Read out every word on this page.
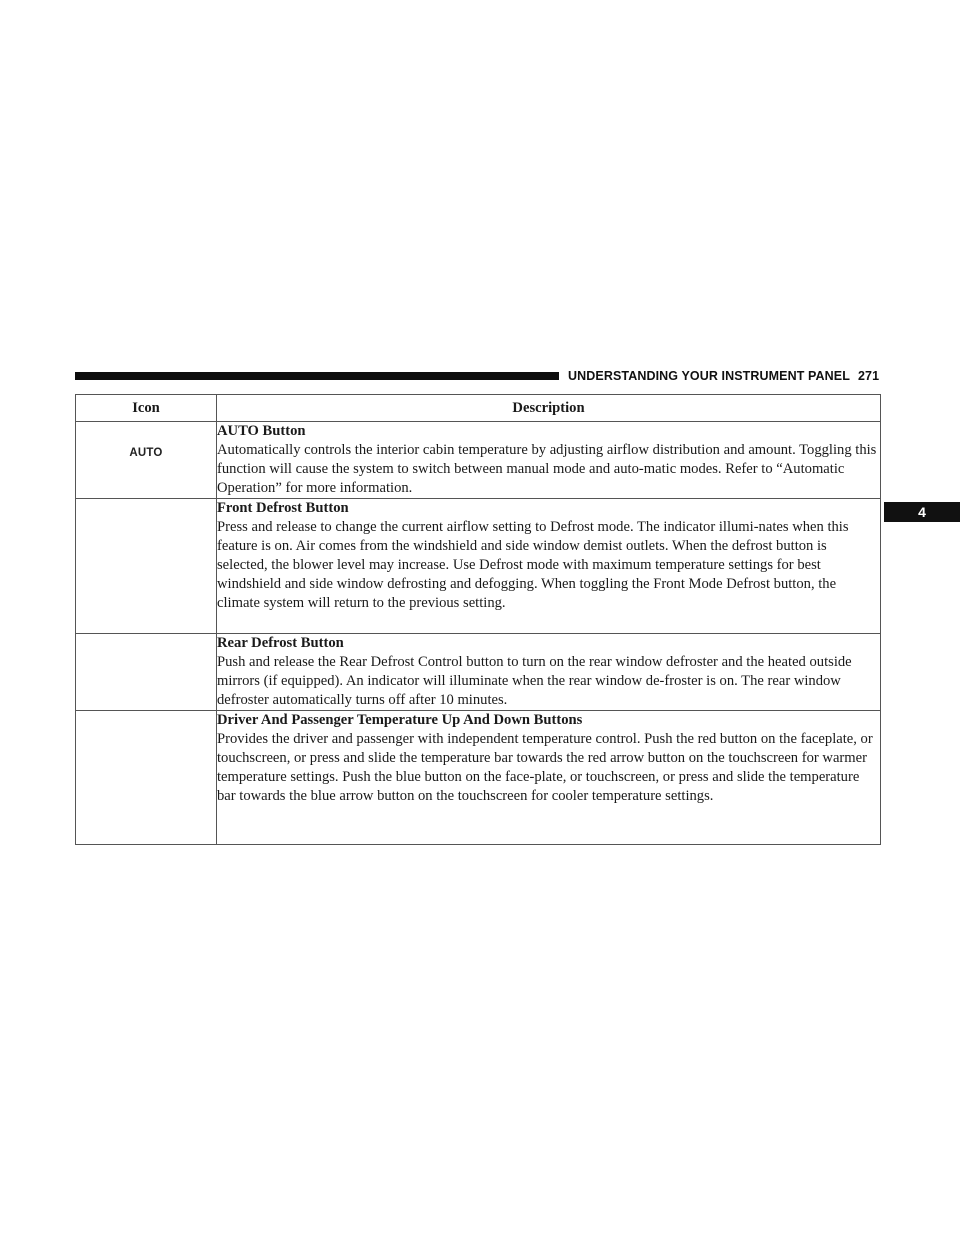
UNDERSTANDING YOUR INSTRUMENT PANEL 271
4
Icon	Description
AUTO	AUTO Button
Automatically controls the interior cabin temperature by adjusting airflow distribution and amount. Toggling this function will cause the system to switch between manual mode and auto-matic modes. Refer to “Automatic Operation” for more information.

	Front Defrost Button
Press and release to change the current airflow setting to Defrost mode. The indicator illumi-nates when this feature is on. Air comes from the windshield and side window demist outlets. When the defrost button is selected, the blower level may increase. Use Defrost mode with maximum temperature settings for best windshield and side window defrosting and defogging. When toggling the Front Mode Defrost button, the climate system will return to the previous setting.

	Rear Defrost Button
Push and release the Rear Defrost Control button to turn on the rear window defroster and the heated outside mirrors (if equipped). An indicator will illuminate when the rear window de-froster is on. The rear window defroster automatically turns off after 10 minutes.

	Driver And Passenger Temperature Up And Down Buttons
Provides the driver and passenger with independent temperature control. Push the red button on the faceplate, or touchscreen, or press and slide the temperature bar towards the red arrow button on the touchscreen for warmer temperature settings. Push the blue button on the face-plate, or touchscreen, or press and slide the temperature bar towards the blue arrow button on the touchscreen for cooler temperature settings.
